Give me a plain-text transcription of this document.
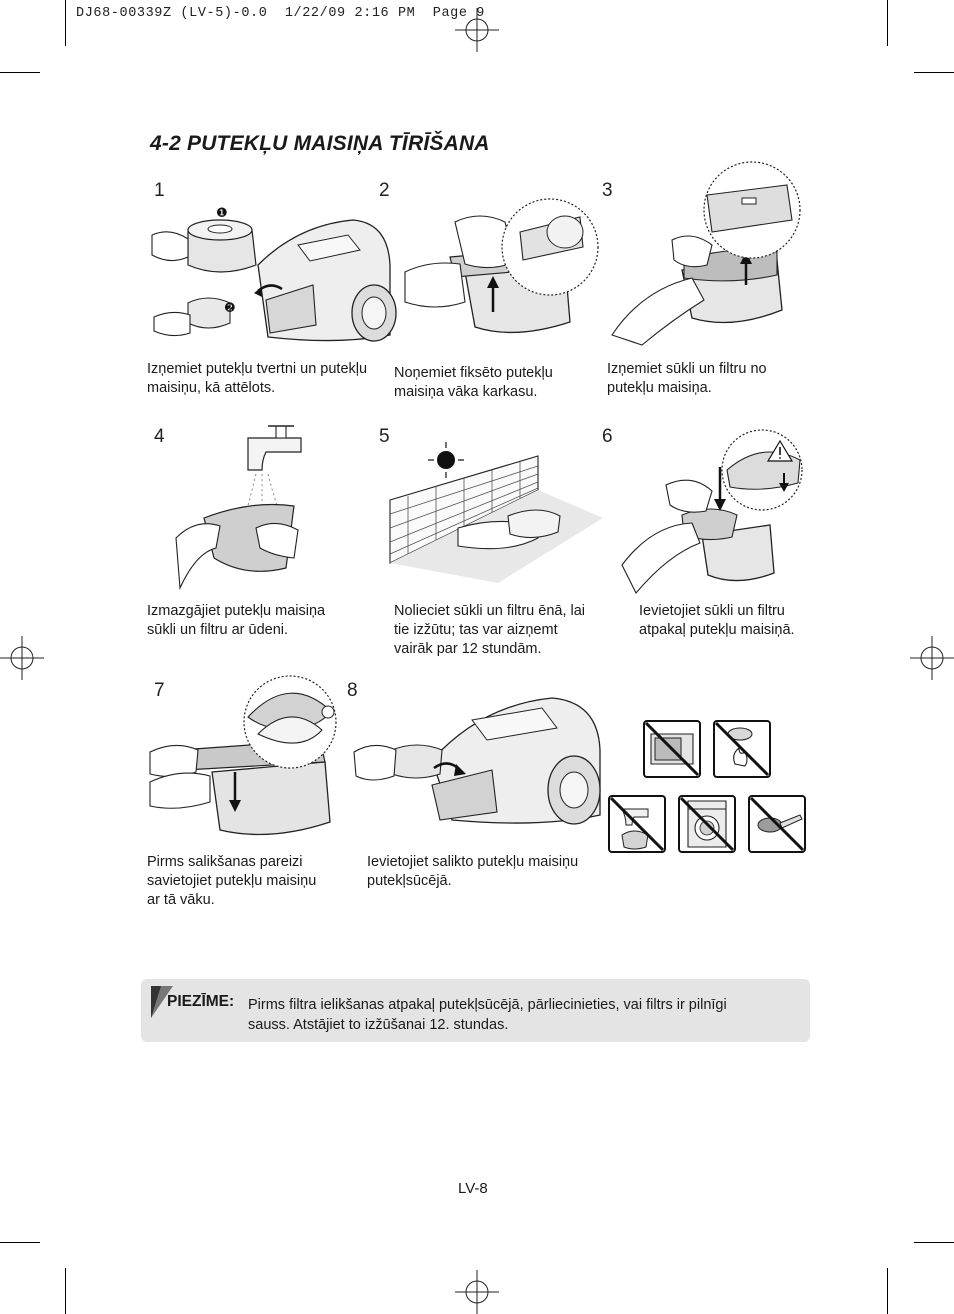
DJ68-00339Z (LV-5)-0.0  1/22/09 2:16 PM  Page 9
4-2 PUTEKĻU MAISIŅA TĪRĪŠANA
1
❶
❷
Izņemiet putekļu tvertni un putekļu
maisiņu, kā attēlots.
2
Noņemiet fiksēto putekļu
maisiņa vāka karkasu.
3
Izņemiet sūkli un filtru no
putekļu maisiņa.
4
Izmazgājiet putekļu maisiņa
sūkli un filtru ar ūdeni.
5
Nolieciet sūkli un filtru ēnā, lai
tie izžūtu; tas var aizņemt
vairāk par 12 stundām.
6
Ievietojiet sūkli un filtru
atpakaļ putekļu maisiņā.
7
Pirms salikšanas pareizi
savietojiet putekļu maisiņu
ar tā vāku.
8
Ievietojiet salikto putekļu maisiņu
putekļsūcējā.
PIEZĪME: Pirms filtra ielikšanas atpakaļ putekļsūcējā, pārliecinieties, vai filtrs ir pilnīgi
sauss. Atstājiet to izžūšanai 12. stundas.
LV-8
